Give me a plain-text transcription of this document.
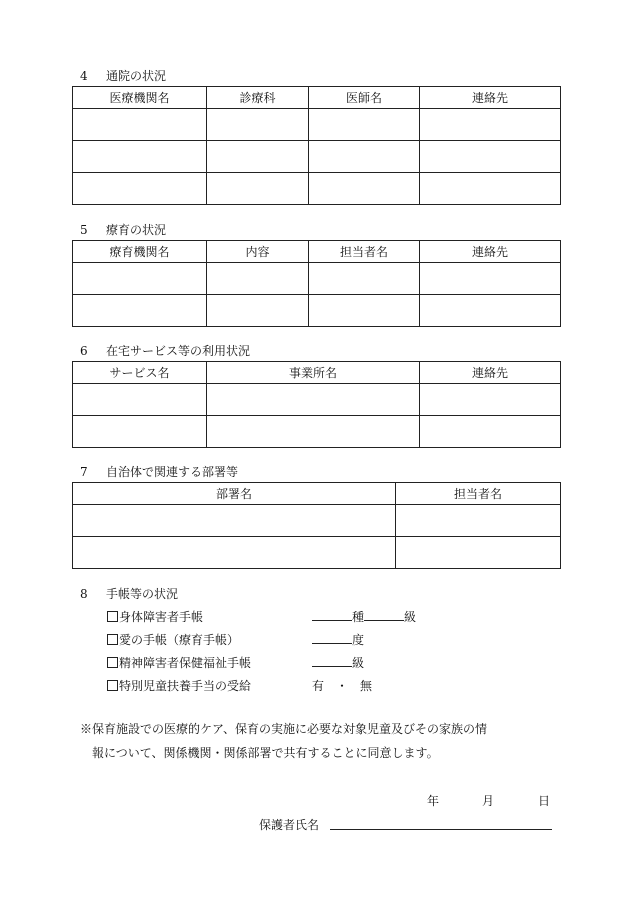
4 通院の状況
医療機関名	診療科	医師名	連絡先

5 療育の状況
療育機関名	内容	担当者名	連絡先

6 在宅サービス等の利用状況
サービス名	事業所名	連絡先

7 自治体で関連する部署等
部署名	担当者名

8 手帳等の状況
身体障害者手帳	種	級
愛の手帳（療育手帳）	度
精神障害者保健福祉手帳	級
特別児童扶養手当の受給	有　・　無

※保育施設での医療的ケア、保育の実施に必要な対象児童及びその家族の情

報について、関係機関・関係部署で共有することに同意します。

年	月	日
保護者氏名
